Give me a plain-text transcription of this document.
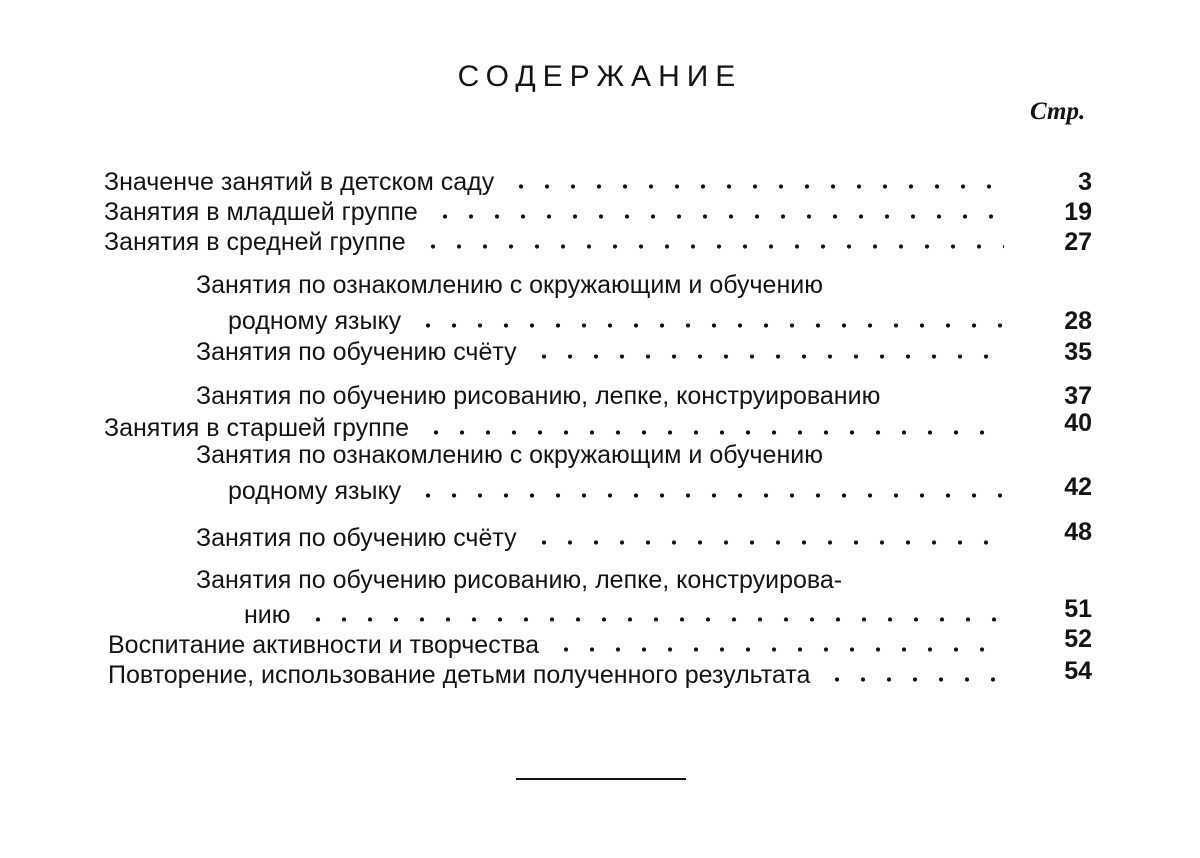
СОДЕРЖАНИЕ
Стр.
Значенче занятий в детском саду	3
Занятия в младшей группе	19
Занятия в средней группе	27
Занятия по ознакомлению с окружающим и обучению
родному языку	28
Занятия по обучению счёту	35
Занятия по обучению рисованию, лепке, конструированию	37
Занятия в старшей группе	40
Занятия по ознакомлению с окружающим и обучению
родному языку	42
Занятия по обучению счёту	48
Занятия по обучению рисованию, лепке, конструирова-
нию	51
Воспитание активности и творчества	52
Повторение, использование детьми полученного результата	54
